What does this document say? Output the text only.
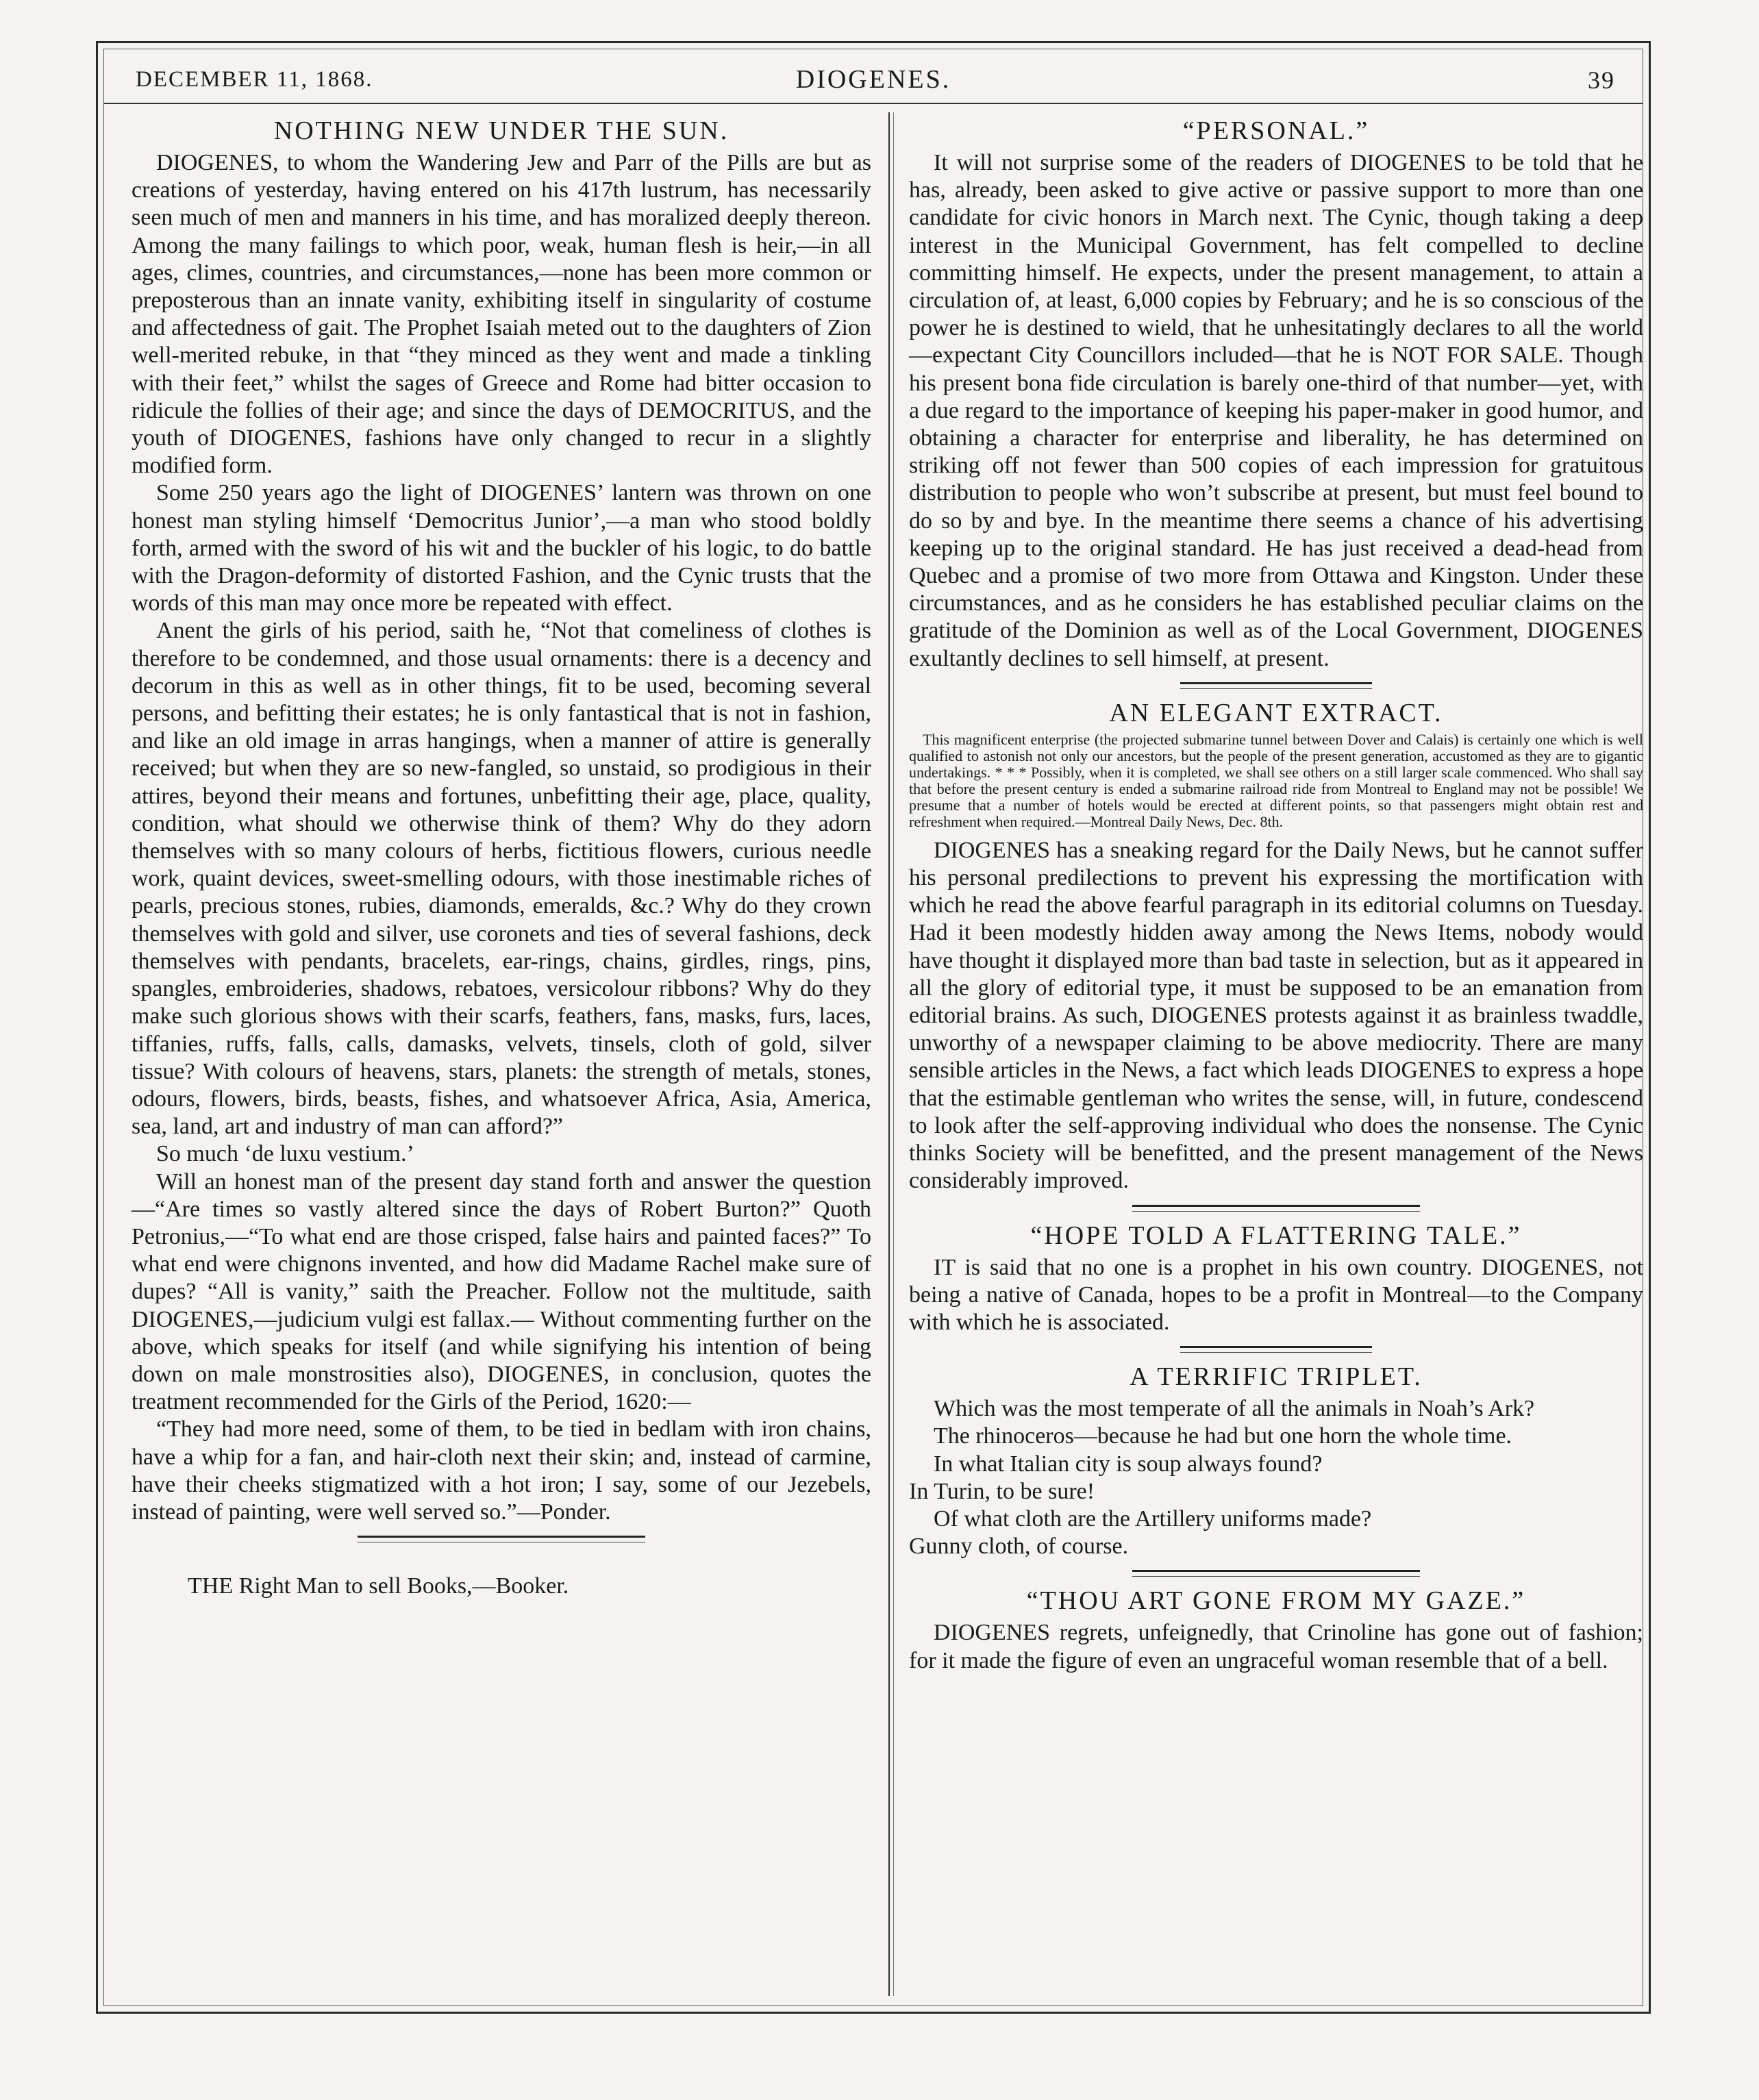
DECEMBER 11, 1868.	DIOGENES.	39
NOTHING NEW UNDER THE SUN.

DIOGENES, to whom the Wandering Jew and Parr of the Pills are but as creations of yesterday, having entered on his 417th lustrum, has necessarily seen much of men and manners in his time, and has moralized deeply thereon. Among the many failings to which poor, weak, human flesh is heir,—in all ages, climes, countries, and circumstances,—none has been more common or preposterous than an innate vanity, exhibiting itself in singularity of costume and affectedness of gait. The Prophet Isaiah meted out to the daughters of Zion well-merited rebuke, in that “they minced as they went and made a tinkling with their feet,” whilst the sages of Greece and Rome had bitter occasion to ridicule the follies of their age; and since the days of DEMOCRITUS, and the youth of DIOGENES, fashions have only changed to recur in a slightly modified form.

Some 250 years ago the light of DIOGENES’ lantern was thrown on one honest man styling himself ‘Democritus Junior’,—a man who stood boldly forth, armed with the sword of his wit and the buckler of his logic, to do battle with the Dragon-deformity of distorted Fashion, and the Cynic trusts that the words of this man may once more be repeated with effect.

Anent the girls of his period, saith he, “Not that comeliness of clothes is therefore to be condemned, and those usual ornaments: there is a decency and decorum in this as well as in other things, fit to be used, becoming several persons, and befitting their estates; he is only fantastical that is not in fashion, and like an old image in arras hangings, when a manner of attire is generally received; but when they are so new-fangled, so unstaid, so prodigious in their attires, beyond their means and fortunes, unbefitting their age, place, quality, condition, what should we otherwise think of them? Why do they adorn themselves with so many colours of herbs, fictitious flowers, curious needle work, quaint devices, sweet-smelling odours, with those inestimable riches of pearls, precious stones, rubies, diamonds, emeralds, &c.? Why do they crown themselves with gold and silver, use coronets and ties of several fashions, deck themselves with pendants, bracelets, ear-rings, chains, girdles, rings, pins, spangles, embroideries, shadows, rebatoes, versicolour ribbons? Why do they make such glorious shows with their scarfs, feathers, fans, masks, furs, laces, tiffanies, ruffs, falls, calls, damasks, velvets, tinsels, cloth of gold, silver tissue? With colours of heavens, stars, planets: the strength of metals, stones, odours, flowers, birds, beasts, fishes, and whatsoever Africa, Asia, America, sea, land, art and industry of man can afford?”

So much ‘de luxu vestium.’

Will an honest man of the present day stand forth and answer the question—“Are times so vastly altered since the days of Robert Burton?” Quoth Petronius,—“To what end are those crisped, false hairs and painted faces?” To what end were chignons invented, and how did Madame Rachel make sure of dupes? “All is vanity,” saith the Preacher. Follow not the multitude, saith DIOGENES,—judicium vulgi est fallax.— Without commenting further on the above, which speaks for itself (and while signifying his intention of being down on male monstrosities also), DIOGENES, in conclusion, quotes the treatment recommended for the Girls of the Period, 1620:—

“They had more need, some of them, to be tied in bedlam with iron chains, have a whip for a fan, and hair-cloth next their skin; and, instead of carmine, have their cheeks stigmatized with a hot iron; I say, some of our Jezebels, instead of painting, were well served so.”—Ponder.

THE Right Man to sell Books,—Booker.

“PERSONAL.”

It will not surprise some of the readers of DIOGENES to be told that he has, already, been asked to give active or passive support to more than one candidate for civic honors in March next. The Cynic, though taking a deep interest in the Municipal Government, has felt compelled to decline committing himself. He expects, under the present management, to attain a circulation of, at least, 6,000 copies by February; and he is so conscious of the power he is destined to wield, that he unhesitatingly declares to all the world—expectant City Councillors included—that he is NOT FOR SALE. Though his present bona fide circulation is barely one-third of that number—yet, with a due regard to the importance of keeping his paper-maker in good humor, and obtaining a character for enterprise and liberality, he has determined on striking off not fewer than 500 copies of each impression for gratuitous distribution to people who won’t subscribe at present, but must feel bound to do so by and bye. In the meantime there seems a chance of his advertising keeping up to the original standard. He has just received a dead-head from Quebec and a promise of two more from Ottawa and Kingston. Under these circumstances, and as he considers he has established peculiar claims on the gratitude of the Dominion as well as of the Local Government, DIOGENES exultantly declines to sell himself, at present.

AN ELEGANT EXTRACT.

This magnificent enterprise (the projected submarine tunnel between Dover and Calais) is certainly one which is well qualified to astonish not only our ancestors, but the people of the present generation, accustomed as they are to gigantic undertakings. * * * Possibly, when it is completed, we shall see others on a still larger scale commenced. Who shall say that before the present century is ended a submarine railroad ride from Montreal to England may not be possible! We presume that a number of hotels would be erected at different points, so that passengers might obtain rest and refreshment when required.—Montreal Daily News, Dec. 8th.

DIOGENES has a sneaking regard for the Daily News, but he cannot suffer his personal predilections to prevent his expressing the mortification with which he read the above fearful paragraph in its editorial columns on Tuesday. Had it been modestly hidden away among the News Items, nobody would have thought it displayed more than bad taste in selection, but as it appeared in all the glory of editorial type, it must be supposed to be an emanation from editorial brains. As such, DIOGENES protests against it as brainless twaddle, unworthy of a newspaper claiming to be above mediocrity. There are many sensible articles in the News, a fact which leads DIOGENES to express a hope that the estimable gentleman who writes the sense, will, in future, condescend to look after the self-approving individual who does the nonsense. The Cynic thinks Society will be benefitted, and the present management of the News considerably improved.

“HOPE TOLD A FLATTERING TALE.”

IT is said that no one is a prophet in his own country. DIOGENES, not being a native of Canada, hopes to be a profit in Montreal—to the Company with which he is associated.

A TERRIFIC TRIPLET.

Which was the most temperate of all the animals in Noah’s Ark?

The rhinoceros—because he had but one horn the whole time.

In what Italian city is soup always found?

In Turin, to be sure!

Of what cloth are the Artillery uniforms made?

Gunny cloth, of course.

“THOU ART GONE FROM MY GAZE.”

DIOGENES regrets, unfeignedly, that Crinoline has gone out of fashion; for it made the figure of even an ungraceful woman resemble that of a bell.
